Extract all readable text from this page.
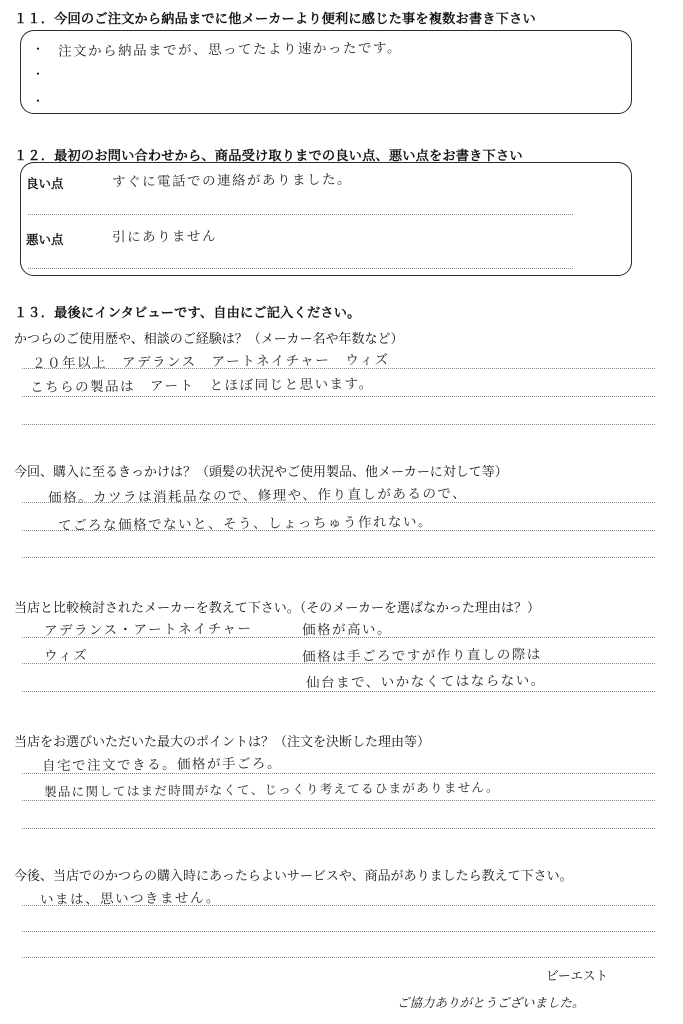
１１．今回のご注文から納品までに他メーカーより便利に感じた事を複数お書き下さい
・
・
・
注文から納品までが、思ってたより速かったです。
１２．最初のお問い合わせから、商品受け取りまでの良い点、悪い点をお書き下さい
良い点	すぐに電話での連絡がありました。
悪い点	引にありません
１３．最後にインタビューです、自由にご記入ください。
かつらのご使用歴や、相談のご経験は？（メーカー名や年数など）
２０年以上　アデランス　アートネイチャー　ウィズ
こちらの製品は　アート　とほぼ同じと思います。
今回、購入に至るきっかけは？（頭髪の状況やご使用製品、他メーカーに対して等）
価格。カツラは消耗品なので、修理や、作り直しがあるので、
てごろな価格でないと、そう、しょっちゅう作れない。
当店と比較検討されたメーカーを教えて下さい。（そのメーカーを選ばなかった理由は？）
アデランス・アートネイチャー	価格が高い。
ウィズ	価格は手ごろですが作り直しの際は
仙台まで、いかなくてはならない。
当店をお選びいただいた最大のポイントは？（注文を決断した理由等）
自宅で注文できる。価格が手ごろ。
製品に関してはまだ時間がなくて、じっくり考えてるひまがありません。
今後、当店でのかつらの購入時にあったらよいサービスや、商品がありましたら教えて下さい。
いまは、思いつきません。
ビーエスト
ご協力ありがとうございました。
